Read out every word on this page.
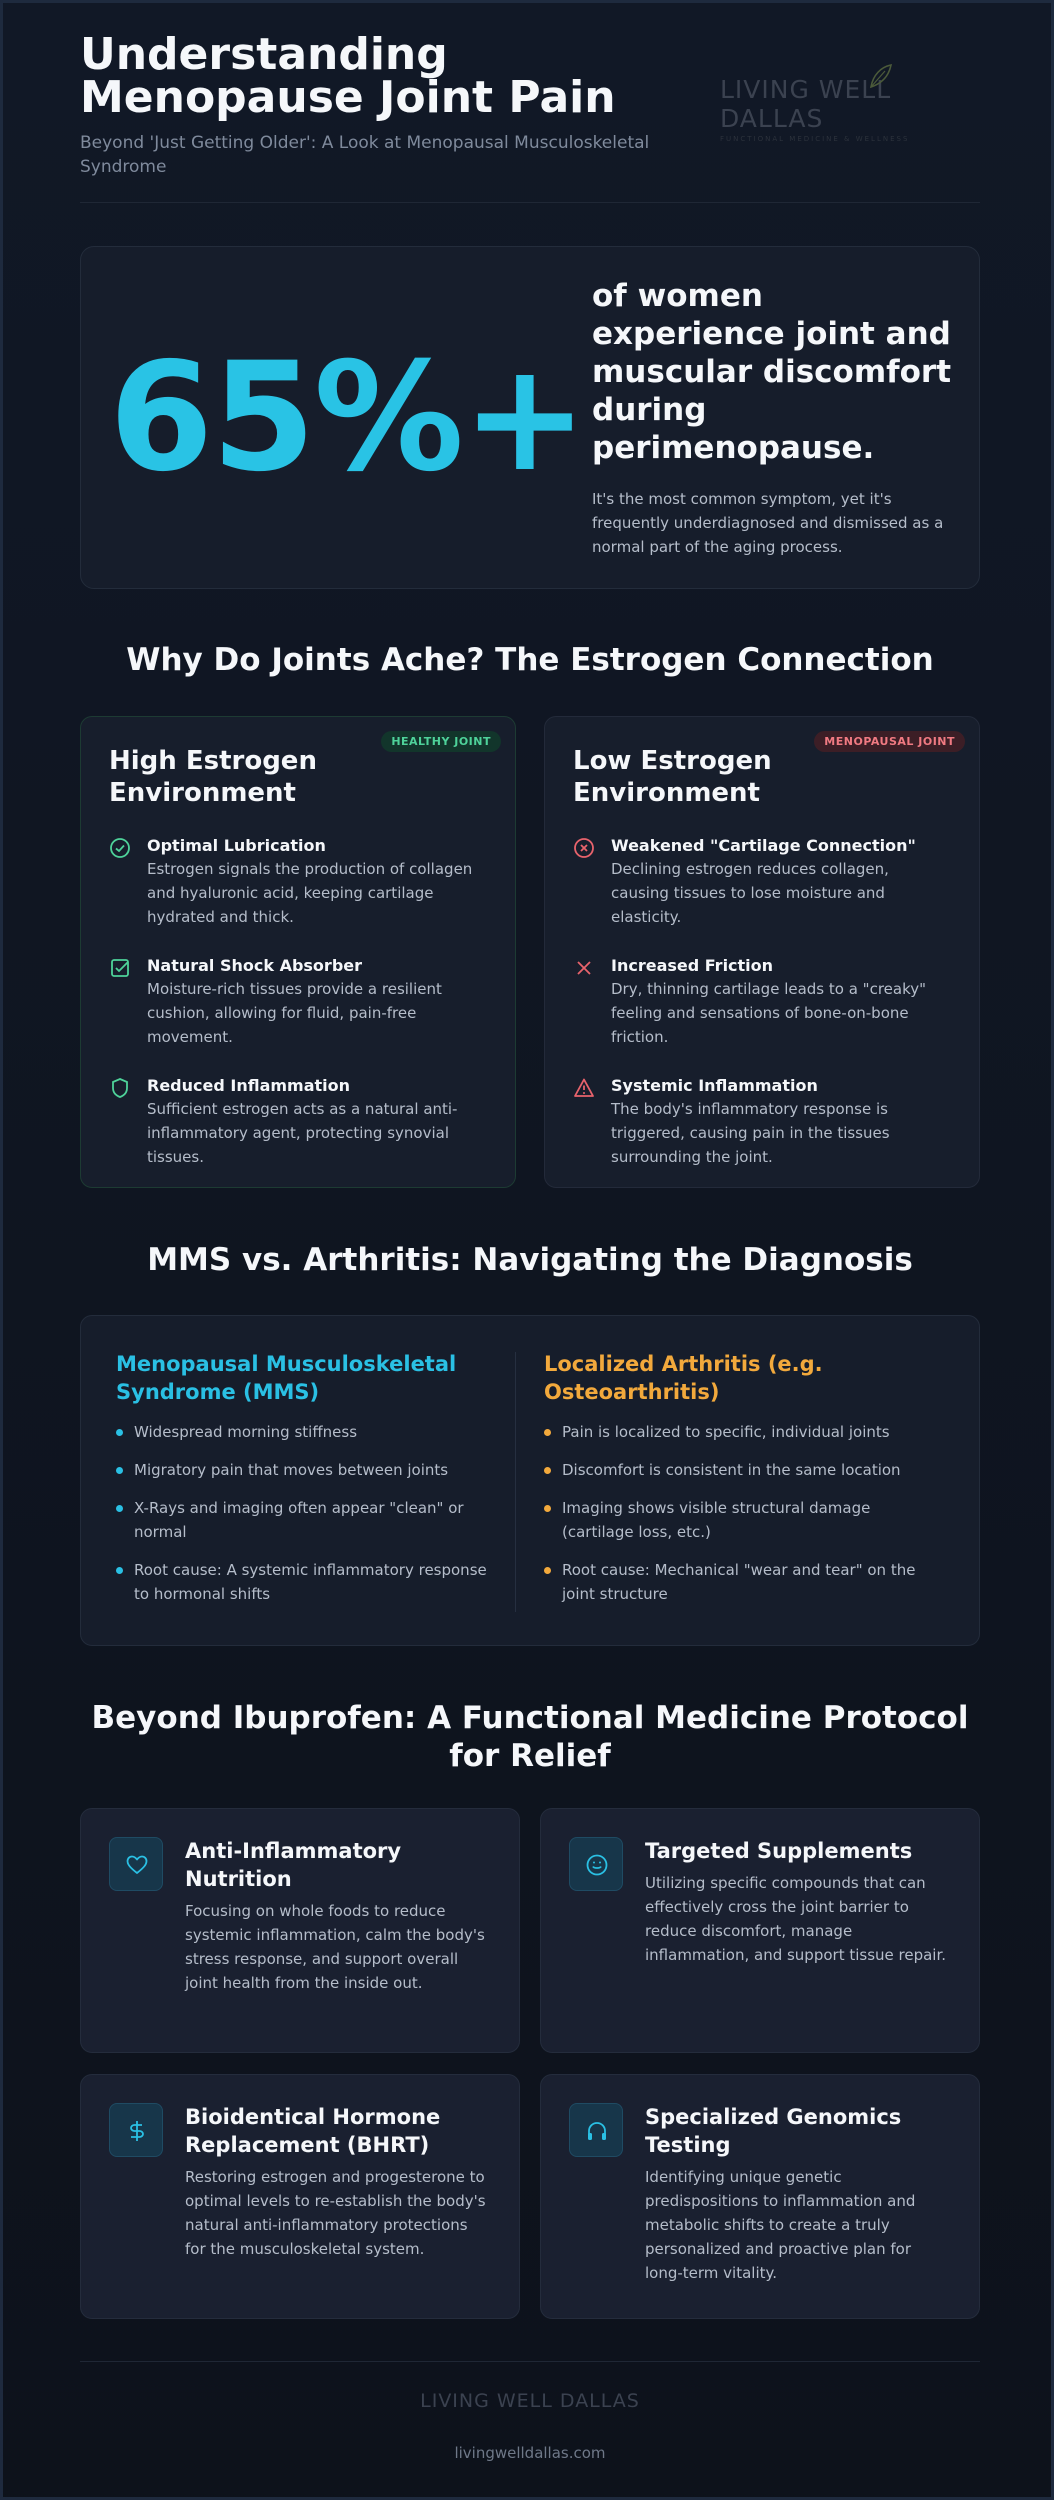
Understanding Menopause Joint Pain
Beyond 'Just Getting Older': A Look at Menopausal Musculoskeletal Syndrome
LIVING WELL DALLAS
FUNCTIONAL MEDICINE & WELLNESS
65%+
of women experience joint and muscular discomfort during perimenopause.
It's the most common symptom, yet it's frequently underdiagnosed and dismissed as a normal part of the aging process.
Why Do Joints Ache? The Estrogen Connection
HEALTHY JOINT
High Estrogen Environment
Optimal Lubrication
Estrogen signals the production of collagen and hyaluronic acid, keeping cartilage hydrated and thick.
Natural Shock Absorber
Moisture-rich tissues provide a resilient cushion, allowing for fluid, pain-free movement.
Reduced Inflammation
Sufficient estrogen acts as a natural anti-inflammatory agent, protecting synovial tissues.
MENOPAUSAL JOINT
Low Estrogen Environment
Weakened "Cartilage Connection"
Declining estrogen reduces collagen, causing tissues to lose moisture and elasticity.
Increased Friction
Dry, thinning cartilage leads to a "creaky" feeling and sensations of bone-on-bone friction.
Systemic Inflammation
The body's inflammatory response is triggered, causing pain in the tissues surrounding the joint.
MMS vs. Arthritis: Navigating the Diagnosis
Menopausal Musculoskeletal Syndrome (MMS)
Widespread morning stiffness
Migratory pain that moves between joints
X-Rays and imaging often appear "clean" or normal
Root cause: A systemic inflammatory response to hormonal shifts
Localized Arthritis (e.g. Osteoarthritis)
Pain is localized to specific, individual joints
Discomfort is consistent in the same location
Imaging shows visible structural damage (cartilage loss, etc.)
Root cause: Mechanical "wear and tear" on the joint structure
Beyond Ibuprofen: A Functional Medicine Protocol for Relief
Anti-Inflammatory Nutrition
Focusing on whole foods to reduce systemic inflammation, calm the body's stress response, and support overall joint health from the inside out.
Targeted Supplements
Utilizing specific compounds that can effectively cross the joint barrier to reduce discomfort, manage inflammation, and support tissue repair.
Bioidentical Hormone Replacement (BHRT)
Restoring estrogen and progesterone to optimal levels to re-establish the body's natural anti-inflammatory protections for the musculoskeletal system.
Specialized Genomics Testing
Identifying unique genetic predispositions to inflammation and metabolic shifts to create a truly personalized and proactive plan for long-term vitality.
LIVING WELL DALLAS
livingwelldallas.com
